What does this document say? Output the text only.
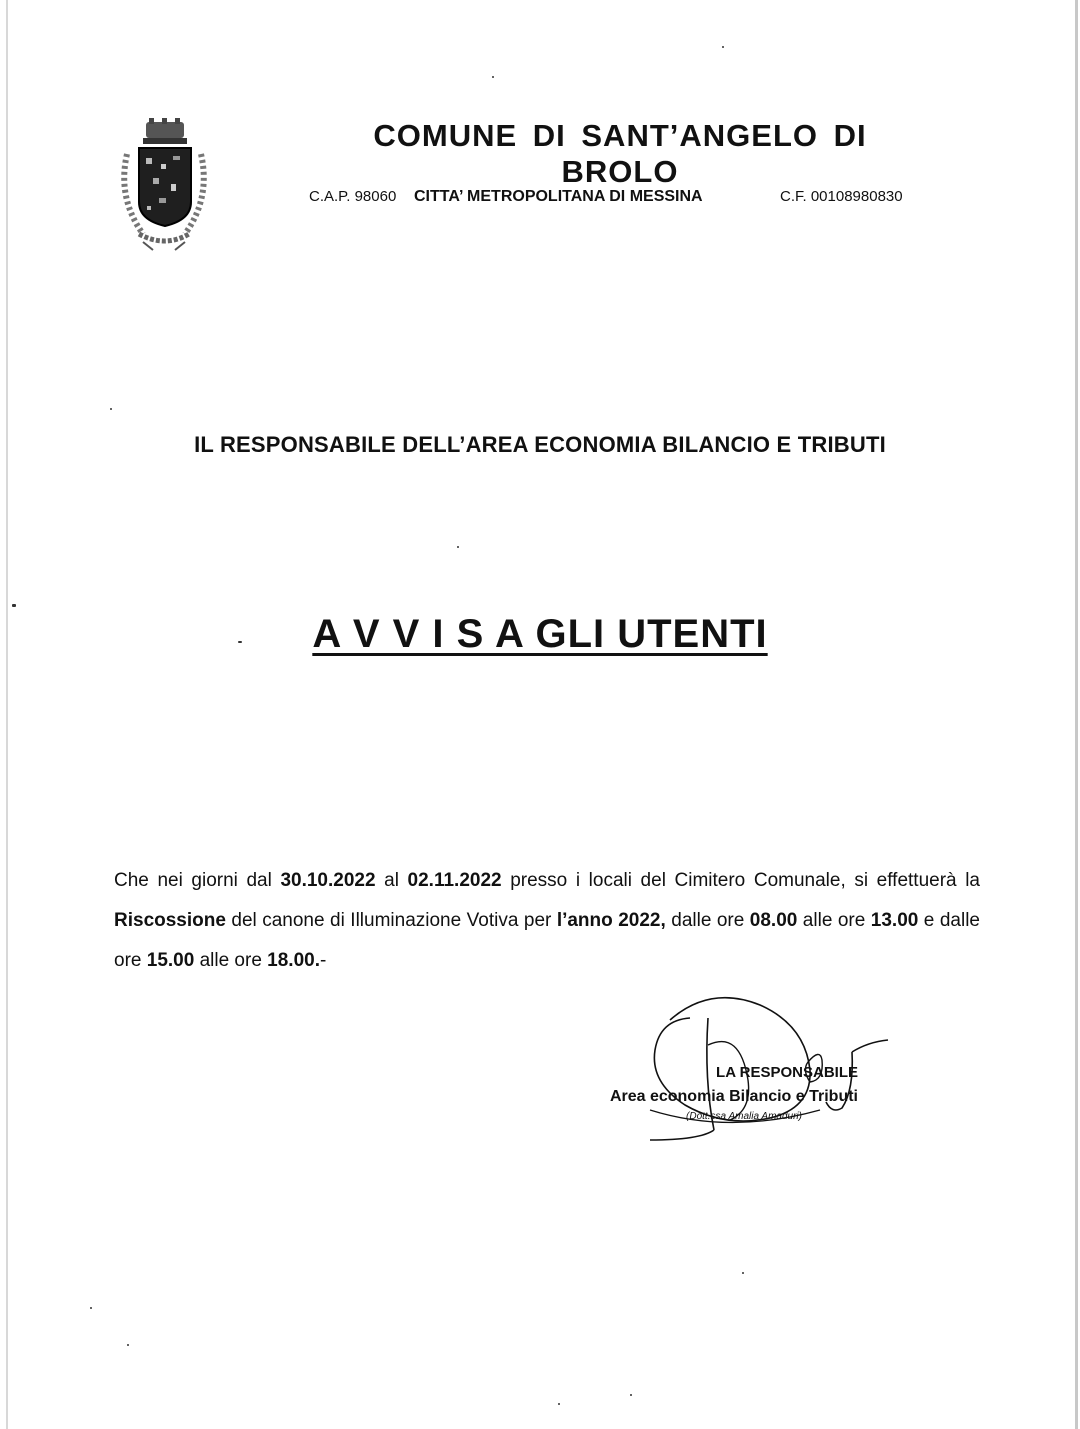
COMUNE DI SANT’ANGELO DI BROLO
C.A.P. 98060 CITTA’ METROPOLITANA DI MESSINA	C.F. 00108980830
IL RESPONSABILE DELL’AREA ECONOMIA BILANCIO E TRIBUTI
A V V I S A GLI UTENTI
Che nei giorni dal 30.10.2022 al 02.11.2022 presso i locali del Cimitero Comunale, si effettuerà la Riscossione del canone di Illuminazione Votiva per l’anno 2022, dalle ore 08.00 alle ore 13.00 e dalle ore 15.00 alle ore 18.00.-
LA RESPONSABILE
Area economia Bilancio e Tributi
(Dott.ssa Amalia Amaduri)
